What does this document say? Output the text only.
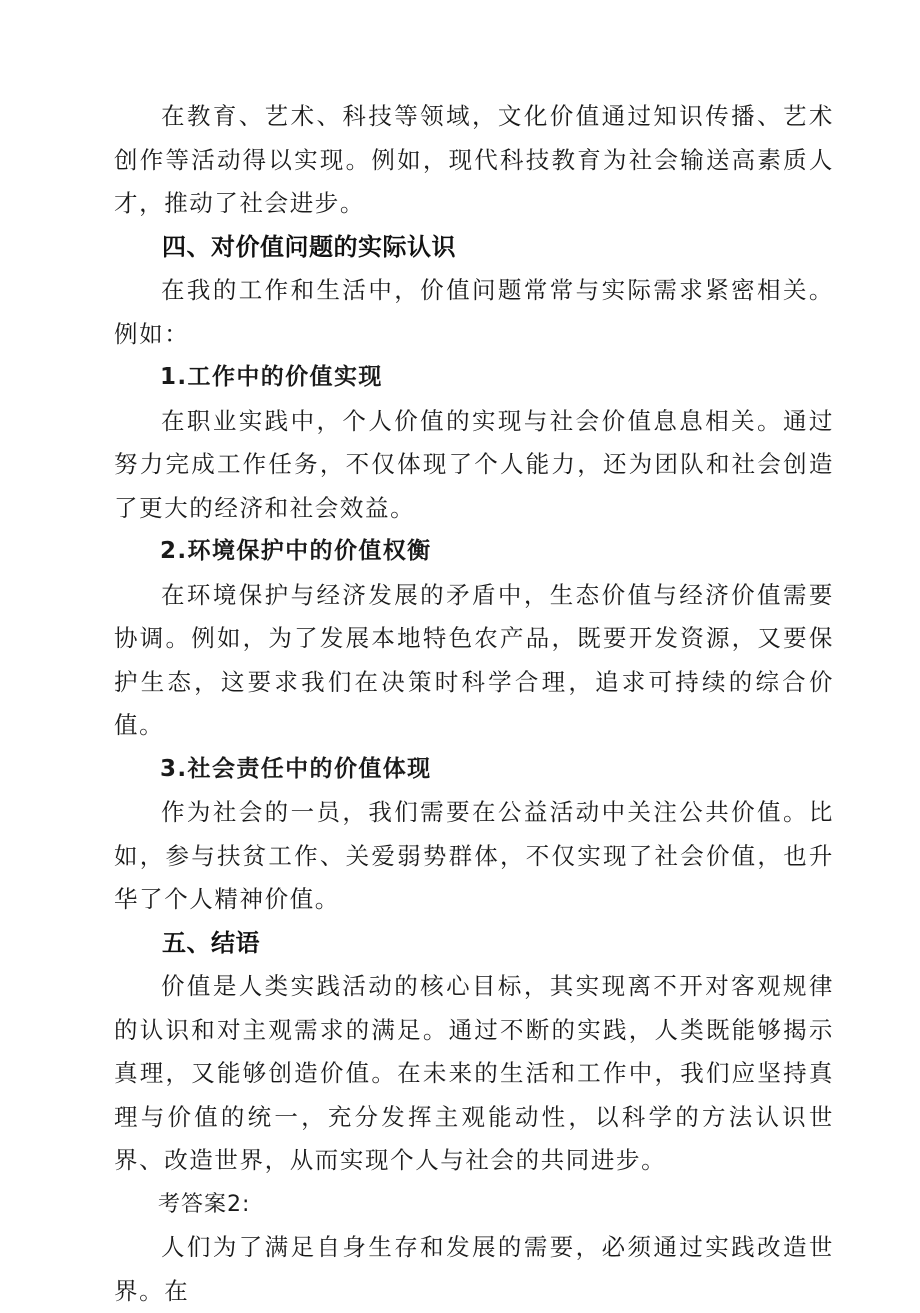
在教育、艺术、科技等领域，文化价值通过知识传播、艺术创作等活动得以实现。例如，现代科技教育为社会输送高素质人才，推动了社会进步。

四、对价值问题的实际认识

在我的工作和生活中，价值问题常常与实际需求紧密相关。例如：

1.工作中的价值实现

在职业实践中，个人价值的实现与社会价值息息相关。通过努力完成工作任务，不仅体现了个人能力，还为团队和社会创造了更大的经济和社会效益。

2.环境保护中的价值权衡

在环境保护与经济发展的矛盾中，生态价值与经济价值需要协调。例如，为了发展本地特色农产品，既要开发资源，又要保护生态，这要求我们在决策时科学合理，追求可持续的综合价值。

3.社会责任中的价值体现

作为社会的一员，我们需要在公益活动中关注公共价值。比如，参与扶贫工作、关爱弱势群体，不仅实现了社会价值，也升华了个人精神价值。

五、结语

价值是人类实践活动的核心目标，其实现离不开对客观规律的认识和对主观需求的满足。通过不断的实践，人类既能够揭示真理，又能够创造价值。在未来的生活和工作中，我们应坚持真理与价值的统一，充分发挥主观能动性，以科学的方法认识世界、改造世界，从而实现个人与社会的共同进步。

考答案2:

人们为了满足自身生存和发展的需要，必须通过实践改造世界。在
